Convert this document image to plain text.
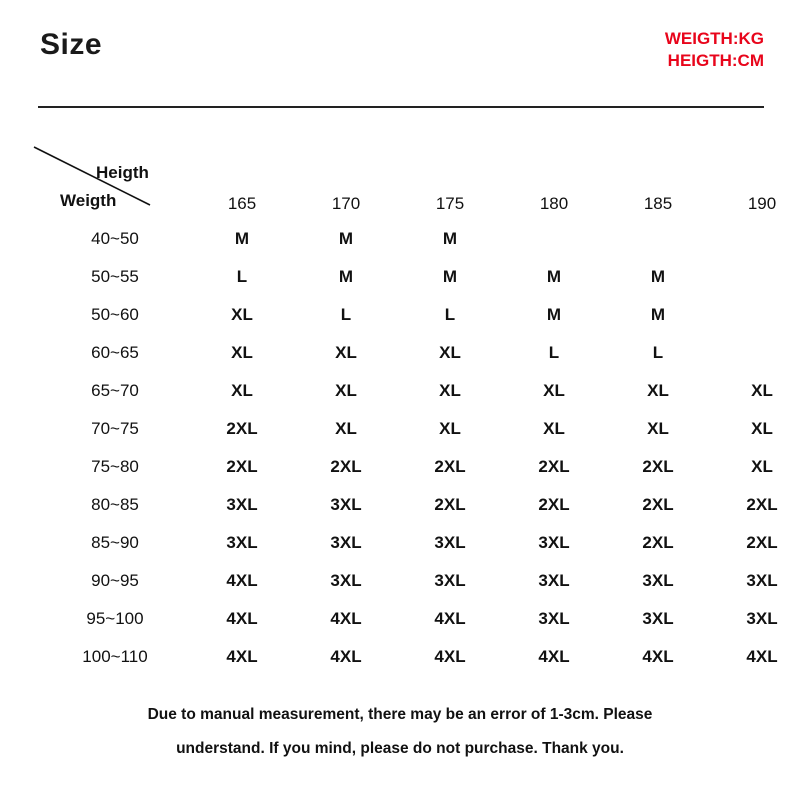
Size	WEIGTH:KG
HEIGTH:CM
Heigth
Weigth
		165	170	175	180	185	190
40~50	M	M	M			
50~55	L	M	M	M	M	
50~60	XL	L	L	M	M	
60~65	XL	XL	XL	L	L	
65~70	XL	XL	XL	XL	XL	XL
70~75	2XL	XL	XL	XL	XL	XL
75~80	2XL	2XL	2XL	2XL	2XL	XL
80~85	3XL	3XL	2XL	2XL	2XL	2XL
85~90	3XL	3XL	3XL	3XL	2XL	2XL
90~95	4XL	3XL	3XL	3XL	3XL	3XL
95~100	4XL	4XL	4XL	3XL	3XL	3XL
100~110	4XL	4XL	4XL	4XL	4XL	4XL
Due to manual measurement, there may be an error of 1-3cm. Please
understand. If you mind, please do not purchase. Thank you.
